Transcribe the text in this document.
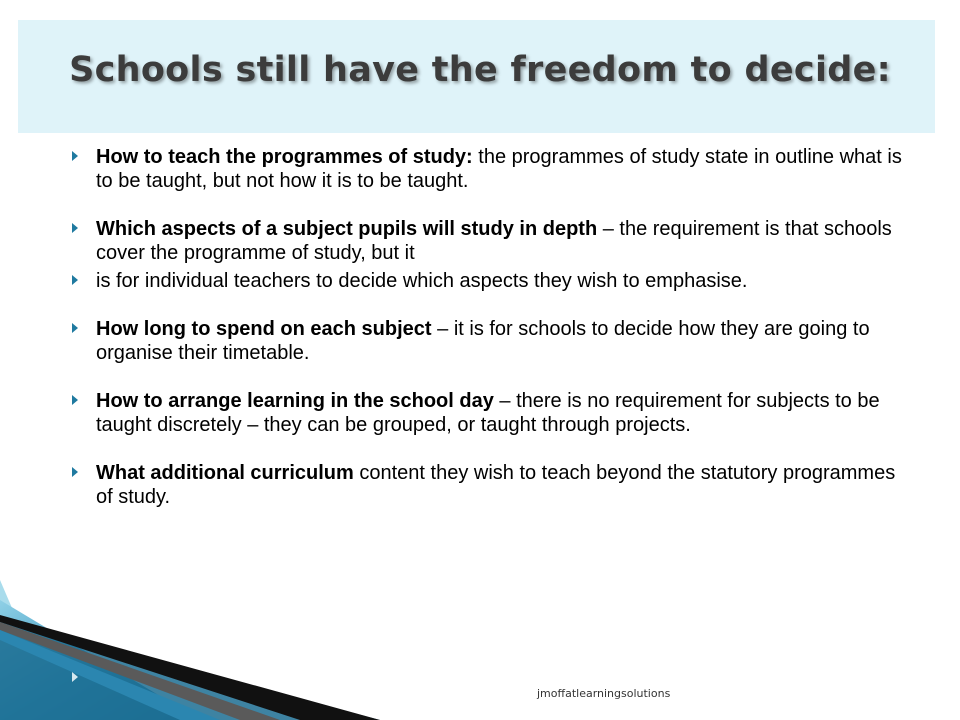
Schools still have the freedom to decide:
How to teach the programmes of study: the programmes of study state in outline what is to be taught, but not how it is to be taught.
Which aspects of a subject pupils will study in depth – the requirement is that schools cover the programme of study, but it
is for individual teachers to decide which aspects they wish to emphasise.
How long to spend on each subject – it is for schools to decide how they are going to organise their timetable.
How to arrange learning in the school day – there is no requirement for subjects to be taught discretely – they can be grouped, or taught through projects.
What additional curriculum content they wish to teach beyond the statutory programmes of study.
jmoffatlearningsolutions
